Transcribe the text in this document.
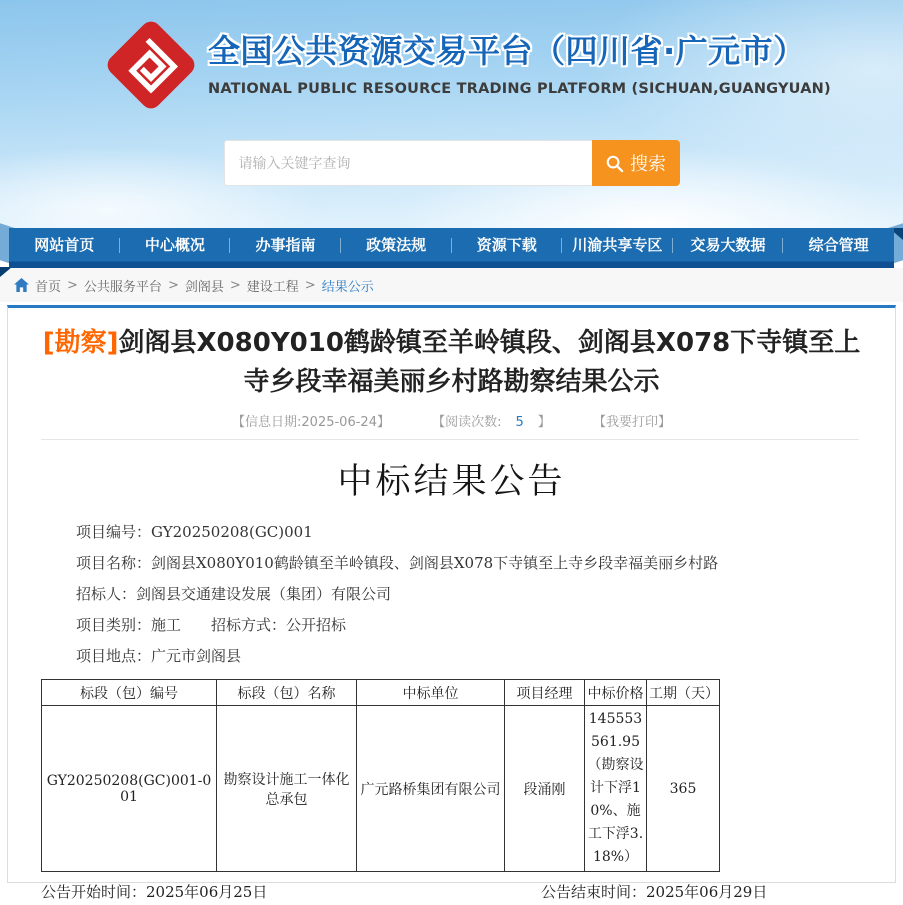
全国公共资源交易平台（四川省·广元市）
NATIONAL PUBLIC RESOURCE TRADING PLATFORM (SICHUAN,GUANGYUAN)
请输入关键字查询
搜索
网站首页	中心概况	办事指南	政策法规	资源下载	川渝共享专区	交易大数据	综合管理
首页 > 公共服务平台 > 剑阁县 > 建设工程 > 结果公示
[勘察]剑阁县X080Y010鹤龄镇至羊岭镇段、剑阁县X078下寺镇至上寺乡段幸福美丽乡村路勘察结果公示
【信息日期:2025-06-24】	【阅读次数: 5 】	【我要打印】
中标结果公告
项目编号：GY20250208(GC)001
项目名称：剑阁县X080Y010鹤龄镇至羊岭镇段、剑阁县X078下寺镇至上寺乡段幸福美丽乡村路
招标人：剑阁县交通建设发展（集团）有限公司
项目类别：施工　　招标方式：公开招标
项目地点：广元市剑阁县
标段（包）编号	标段（包）名称	中标单位	项目经理	中标价格	工期（天）
GY20250208(GC)001-001	勘察设计施工一体化总承包	广元路桥集团有限公司	段涌刚	145553561.95（勘察设计下浮10%、施工下浮3.18%）	365
公告开始时间：2025年06月25日	公告结束时间：2025年06月29日
